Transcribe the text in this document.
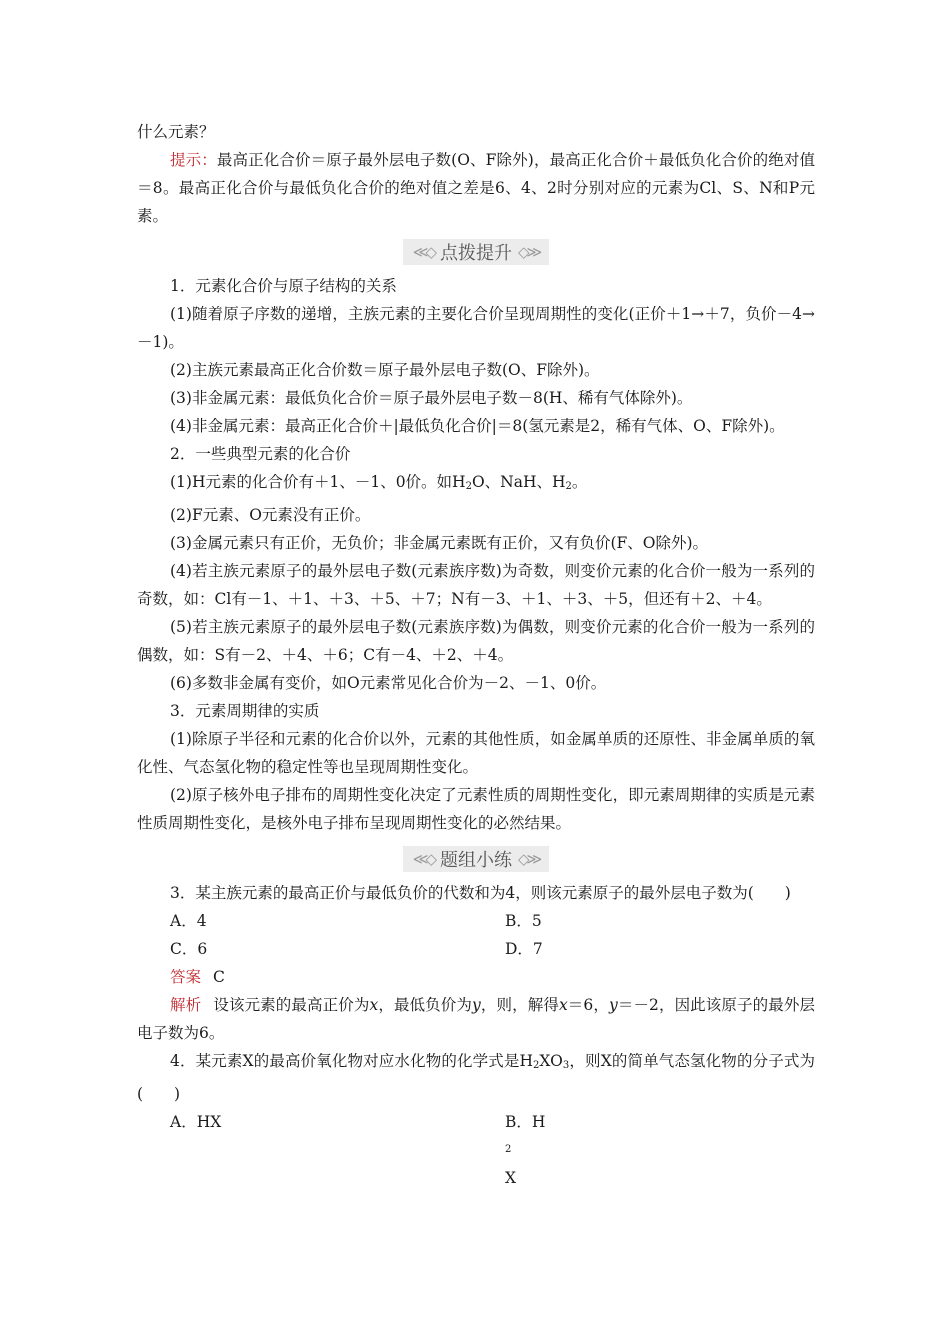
什么元素？

提示：最高正化合价＝原子最外层电子数(O、F除外)，最高正化合价＋最低负化合价的绝对值＝8。最高正化合价与最低负化合价的绝对值之差是6、4、2时分别对应的元素为Cl、S、N和P元素。

≪◇ 点拨提升 ◇≫

1．元素化合价与原子结构的关系

(1)随着原子序数的递增，主族元素的主要化合价呈现周期性的变化(正价＋1→＋7，负价－4→－1)。

(2)主族元素最高正化合价数＝原子最外层电子数(O、F除外)。

(3)非金属元素：最低负化合价＝原子最外层电子数－8(H、稀有气体除外)。

(4)非金属元素：最高正化合价＋|最低负化合价|＝8(氢元素是2，稀有气体、O、F除外)。

2．一些典型元素的化合价

(1)H元素的化合价有＋1、－1、0价。如$H_2O$、NaH、$H_2$。

(2)F元素、O元素没有正价。

(3)金属元素只有正价，无负价；非金属元素既有正价，又有负价(F、O除外)。

(4)若主族元素原子的最外层电子数(元素族序数)为奇数，则变价元素的化合价一般为一系列的奇数，如：Cl有－1、＋1、＋3、＋5、＋7；N有－3、＋1、＋3、＋5，但还有＋2、＋4。

(5)若主族元素原子的最外层电子数(元素族序数)为偶数，则变价元素的化合价一般为一系列的偶数，如：S有－2、＋4、＋6；C有－4、＋2、＋4。

(6)多数非金属有变价，如O元素常见化合价为－2、－1、0价。

3．元素周期律的实质

(1)除原子半径和元素的化合价以外，元素的其他性质，如金属单质的还原性、非金属单质的氧化性、气态氢化物的稳定性等也呈现周期性变化。

(2)原子核外电子排布的周期性变化决定了元素性质的周期性变化，即元素周期律的实质是元素性质周期性变化，是核外电子排布呈现周期性变化的必然结果。

≪◇ 题组小练 ◇≫

3．某主族元素的最高正价与最低负价的代数和为4，则该元素原子的最外层电子数为(　　)

A．4	B．5
C．6	D．7

答案 C

解析 设该元素的最高正价为x，最低负价为y，则，解得x＝6，y＝－2，因此该原子的最外层电子数为6。

4．某元素X的最高价氧化物对应水化物的化学式是$H_2XO_3$，则X的简单气态氢化物的分子式为(　　)

A．HX	B．H
2
X
